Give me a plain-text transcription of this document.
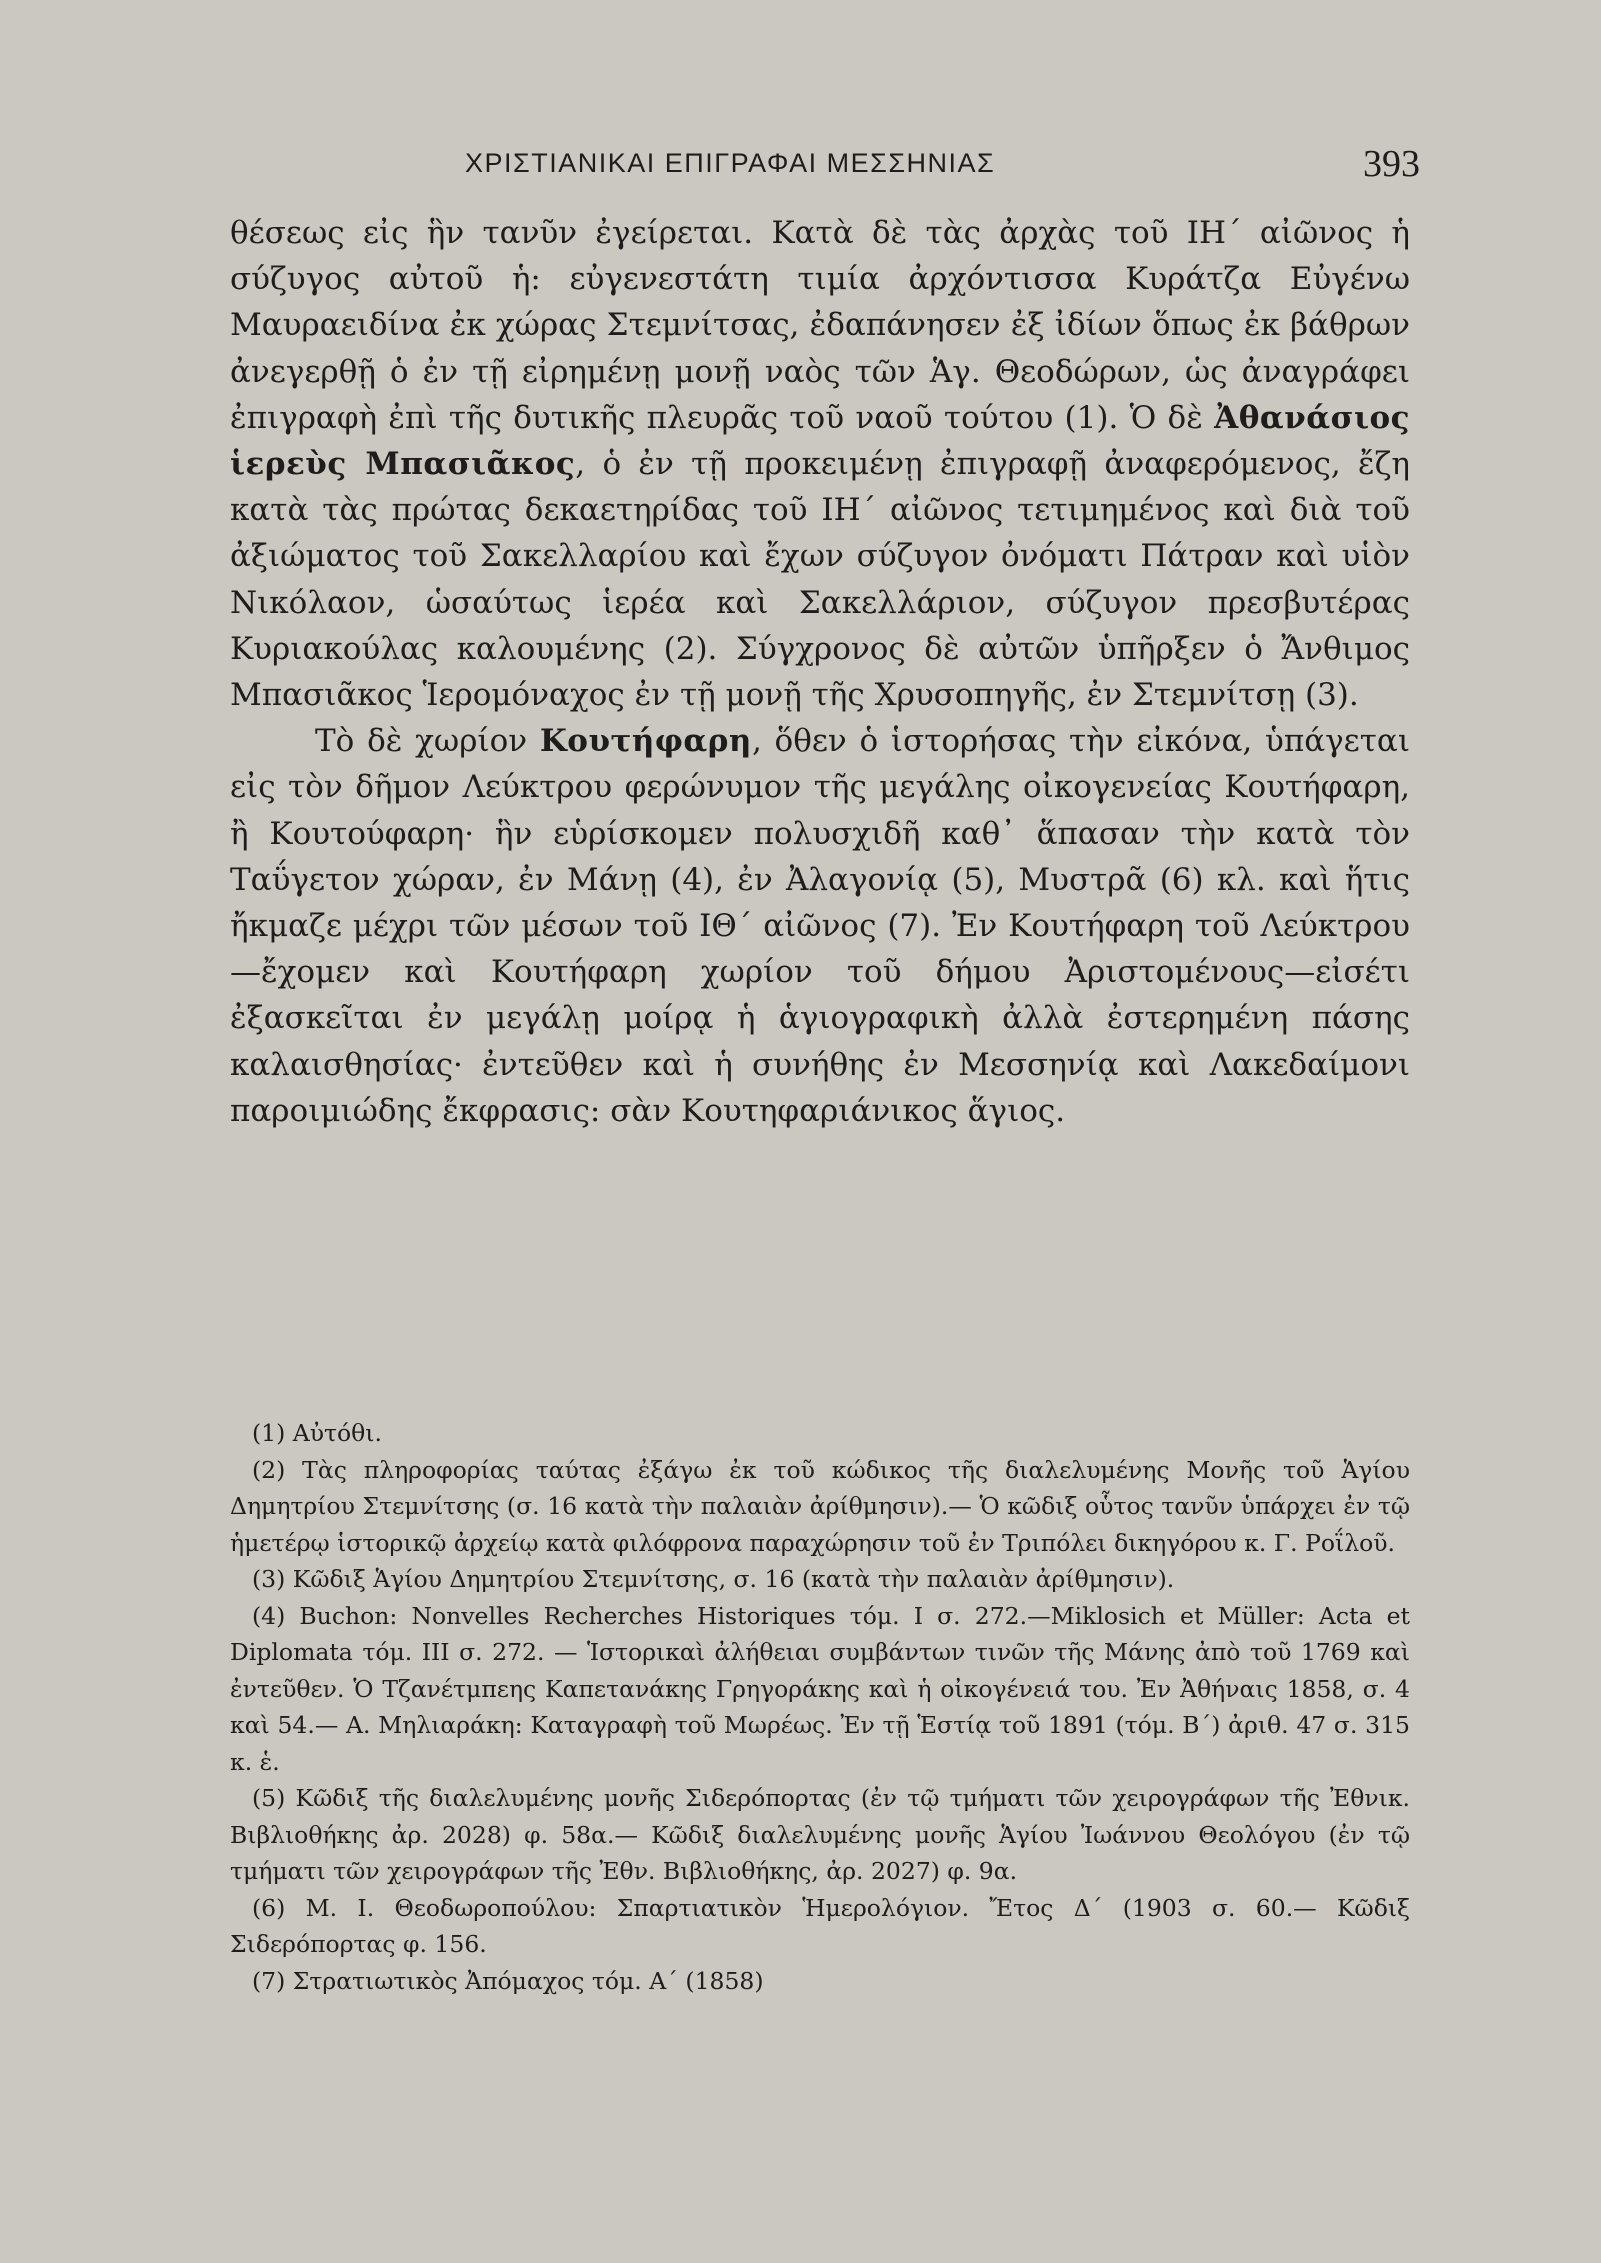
ΧΡΙΣΤΙΑΝΙΚΑΙ ΕΠΙΓΡΑΦΑΙ ΜΕΣΣΗΝΙΑΣ	393

θέσεως εἰς ἣν τανῦν ἐγείρεται. Κατὰ δὲ τὰς ἀρχὰς τοῦ ΙΗ΄ αἰῶνος ἡ σύζυγος αὐτοῦ ἡ: εὐγενεστάτη τιμία ἀρχόντισσα Κυράτζα Εὐγένω Μαυραειδίνα ἐκ χώρας Στεμνίτσας, ἐδαπάνησεν ἐξ ἰδίων ὅπως ἐκ βάθρων ἀνεγερθῇ ὁ ἐν τῇ εἰρημένῃ μονῇ ναὸς τῶν Ἁγ. Θεοδώρων, ὡς ἀναγράφει ἐπιγραφὴ ἐπὶ τῆς δυτικῆς πλευρᾶς τοῦ ναοῦ τούτου (1). Ὁ δὲ Ἀθανάσιος ἱερεὺς Μπασιᾶκος, ὁ ἐν τῇ προκειμένῃ ἐπιγραφῇ ἀναφερόμενος, ἔζη κατὰ τὰς πρώτας δεκαετηρίδας τοῦ ΙΗ΄ αἰῶνος τετιμημένος καὶ διὰ τοῦ ἀξιώματος τοῦ Σακελλαρίου καὶ ἔχων σύζυγον ὀνόματι Πάτραν καὶ υἱὸν Νικόλαον, ὡσαύτως ἱερέα καὶ Σακελλάριον, σύζυγον πρεσβυτέρας Κυριακούλας καλουμένης (2). Σύγχρονος δὲ αὐτῶν ὑπῆρξεν ὁ Ἄνθιμος Μπασιᾶκος Ἱερομόναχος ἐν τῇ μονῇ τῆς Χρυσοπηγῆς, ἐν Στεμνίτσῃ (3).

Τὸ δὲ χωρίον Κουτήφαρη, ὅθεν ὁ ἱστορήσας τὴν εἰκόνα, ὑπάγεται εἰς τὸν δῆμον Λεύκτρου φερώνυμον τῆς μεγάλης οἰκογενείας Κουτήφαρη, ἢ Κουτούφαρη· ἣν εὑρίσκομεν πολυσχιδῆ καθ᾽ ἅπασαν τὴν κατὰ τὸν Ταΰγετον χώραν, ἐν Μάνῃ (4), ἐν Ἀλαγονίᾳ (5), Μυστρᾶ (6) κλ. καὶ ἥτις ἤκμαζε μέχρι τῶν μέσων τοῦ ΙΘ΄ αἰῶνος (7). Ἐν Κουτήφαρη τοῦ Λεύκτρου—ἔχομεν καὶ Κουτήφαρη χωρίον τοῦ δήμου Ἀριστομένους—εἰσέτι ἐξασκεῖται ἐν μεγάλῃ μοίρᾳ ἡ ἁγιογραφικὴ ἀλλὰ ἐστερημένη πάσης καλαισθησίας· ἐντεῦθεν καὶ ἡ συνήθης ἐν Μεσσηνίᾳ καὶ Λακεδαίμονι παροιμιώδης ἔκφρασις: σὰν Κουτηφαριάνικος ἅγιος.

(1) Αὐτόθι.

(2) Τὰς πληροφορίας ταύτας ἐξάγω ἐκ τοῦ κώδικος τῆς διαλελυμένης Μονῆς τοῦ Ἁγίου Δημητρίου Στεμνίτσης (σ. 16 κατὰ τὴν παλαιὰν ἀρίθμησιν).— Ὁ κῶδιξ οὗτος τανῦν ὑπάρχει ἐν τῷ ἡμετέρῳ ἱστορικῷ ἀρχείῳ κατὰ φιλόφρονα παραχώρησιν τοῦ ἐν Τριπόλει δικηγόρου κ. Γ. Ροΐλοῦ.

(3) Κῶδιξ Ἁγίου Δημητρίου Στεμνίτσης, σ. 16 (κατὰ τὴν παλαιὰν ἀρίθμησιν).

(4) Buchon: Nonvelles Recherches Historiques τόμ. Ι σ. 272.—Miklosich et Müller: Acta et Diplomata τόμ. ΙΙΙ σ. 272. — Ἱστορικαὶ ἀλήθειαι συμβάντων τινῶν τῆς Μάνης ἀπὸ τοῦ 1769 καὶ ἐντεῦθεν. Ὁ Τζανέτμπεης Καπετανάκης Γρηγοράκης καὶ ἡ οἰκογένειά του. Ἐν Ἀθήναις 1858, σ. 4 καὶ 54.— Α. Μηλιαράκη: Καταγραφὴ τοῦ Μωρέως. Ἐν τῇ Ἑστίᾳ τοῦ 1891 (τόμ. Β΄) ἀριθ. 47 σ. 315 κ. ἑ.

(5) Κῶδιξ τῆς διαλελυμένης μονῆς Σιδερόπορτας (ἐν τῷ τμήματι τῶν χειρογράφων τῆς Ἐθνικ. Βιβλιοθήκης ἀρ. 2028) φ. 58α.— Κῶδιξ διαλελυμένης μονῆς Ἁγίου Ἰωάννου Θεολόγου (ἐν τῷ τμήματι τῶν χειρογράφων τῆς Ἐθν. Βιβλιοθήκης, ἀρ. 2027) φ. 9α.

(6) Μ. Ι. Θεοδωροπούλου: Σπαρτιατικὸν Ἡμερολόγιον. Ἔτος Δ΄ (1903 σ. 60.— Κῶδιξ Σιδερόπορτας φ. 156.

(7) Στρατιωτικὸς Ἀπόμαχος τόμ. Α΄ (1858)
